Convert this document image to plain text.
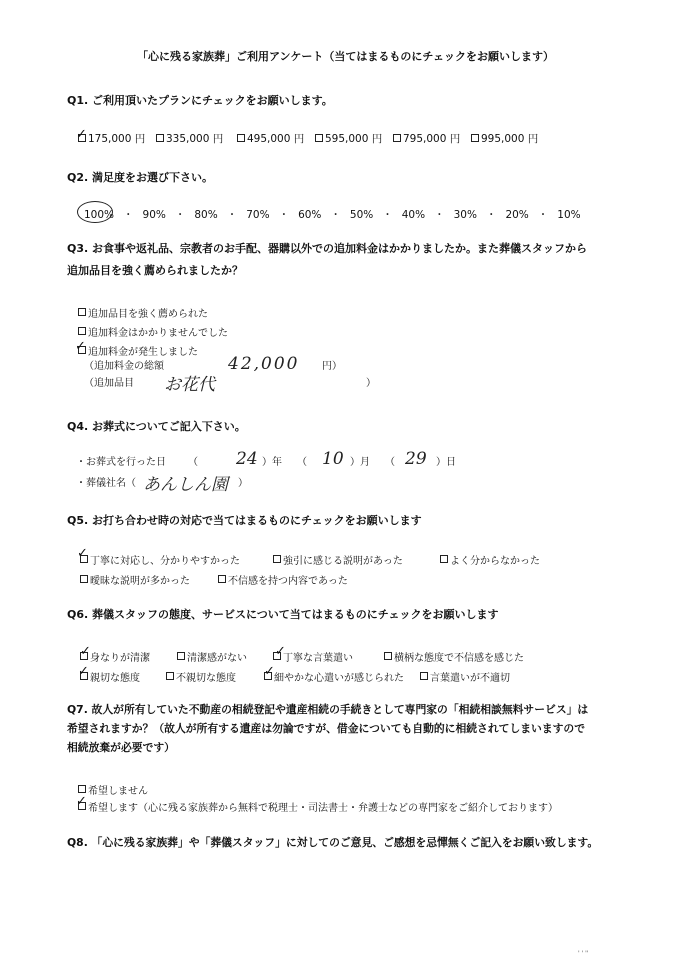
「心に残る家族葬」ご利用アンケート（当てはまるものにチェックをお願いします）
Q1. ご利用頂いたプランにチェックをお願いします。
175,000 円 335,000 円 495,000 円 595,000 円 795,000 円 995,000 円
✓
Q2. 満足度をお選び下さい。
100% ・ 90% ・ 80% ・ 70% ・ 60% ・ 50% ・ 40% ・ 30% ・ 20% ・ 10%
Q3. お食事や返礼品、宗教者のお手配、器購以外での追加料金はかかりましたか。また葬儀スタッフから
追加品目を強く薦められましたか？
追加品目を強く薦められた
追加料金はかかりませんでした
追加料金が発生しました
✓
（追加料金の総額	42,000 円）
（追加品目 お花代	）
Q4. お葬式についてご記入下さい。
・お葬式を行った日 （ 24 ）年 （ 10 ）月 （ 29 ）日
・葬儀社名（ あんしん園 ）
Q5. お打ち合わせ時の対応で当てはまるものにチェックをお願いします
丁寧に対応し、分かりやすかった	強引に感じる説明があった	よく分からなかった
曖昧な説明が多かった	不信感を持つ内容であった
✓
Q6. 葬儀スタッフの態度、サービスについて当てはまるものにチェックをお願いします
身なりが清潔	清潔感がない	丁寧な言葉遣い	横柄な態度で不信感を感じた
親切な態度	不親切な態度	細やかな心遣いが感じられた	言葉遣いが不適切
✓	✓
✓	✓
Q7. 故人が所有していた不動産の相続登記や遺産相続の手続きとして専門家の「相続相談無料サービス」は
希望されますか？（故人が所有する遺産は勿論ですが、借金についても自動的に相続されてしまいますので
相続放棄が必要です）
希望しません
希望します（心に残る家族葬から無料で税理士・司法書士・弁護士などの専門家をご紹介しております）
✓
Q8. 「心に残る家族葬」や「葬儀スタッフ」に対してのご意見、ご感想を忌憚無くご記入をお願い致します。
' ' ''
